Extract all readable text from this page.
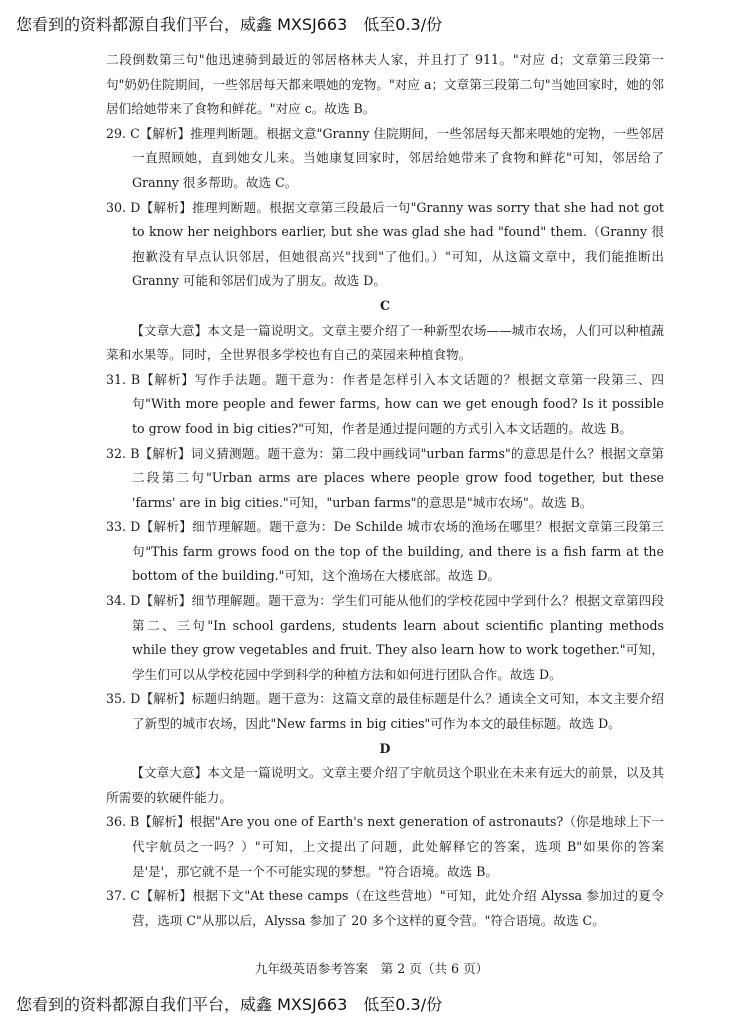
您看到的资料都源自我们平台，威鑫 MXSJ663　低至0.3/份

二段倒数第三句"他迅速骑到最近的邻居格林夫人家，并且打了 911。"对应 d；文章第三段第一句"奶奶住院期间，一些邻居每天都来喂她的宠物。"对应 a；文章第三段第二句"当她回家时，她的邻居们给她带来了食物和鲜花。"对应 c。故选 B。

29. C【解析】推理判断题。根据文意"Granny 住院期间，一些邻居每天都来喂她的宠物，一些邻居一直照顾她，直到她女儿来。当她康复回家时，邻居给她带来了食物和鲜花"可知，邻居给了 Granny 很多帮助。故选 C。

30. D【解析】推理判断题。根据文章第三段最后一句"Granny was sorry that she had not got to know her neighbors earlier, but she was glad she had "found" them.（Granny 很抱歉没有早点认识邻居，但她很高兴"找到"了他们。）"可知，从这篇文章中，我们能推断出 Granny 可能和邻居们成为了朋友。故选 D。

C

【文章大意】本文是一篇说明文。文章主要介绍了一种新型农场——城市农场，人们可以种植蔬菜和水果等。同时，全世界很多学校也有自己的菜园来种植食物。

31. B【解析】写作手法题。题干意为：作者是怎样引入本文话题的？根据文章第一段第三、四句"With more people and fewer farms, how can we get enough food? Is it possible to grow food in big cities?"可知，作者是通过提问题的方式引入本文话题的。故选 B。

32. B【解析】词义猜测题。题干意为：第二段中画线词"urban farms"的意思是什么？根据文章第二段第二句"Urban arms are places where people grow food together, but these 'farms' are in big cities."可知，"urban farms"的意思是"城市农场"。故选 B。

33. D【解析】细节理解题。题干意为：De Schilde 城市农场的渔场在哪里？根据文章第三段第三句"This farm grows food on the top of the building, and there is a fish farm at the bottom of the building."可知，这个渔场在大楼底部。故选 D。

34. D【解析】细节理解题。题干意为：学生们可能从他们的学校花园中学到什么？根据文章第四段第二、三句"In school gardens, students learn about scientific planting methods while they grow vegetables and fruit. They also learn how to work together."可知，学生们可以从学校花园中学到科学的种植方法和如何进行团队合作。故选 D。

35. D【解析】标题归纳题。题干意为：这篇文章的最佳标题是什么？通读全文可知，本文主要介绍了新型的城市农场，因此"New farms in big cities"可作为本文的最佳标题。故选 D。

D

【文章大意】本文是一篇说明文。文章主要介绍了宇航员这个职业在未来有远大的前景，以及其所需要的软硬件能力。

36. B【解析】根据"Are you one of Earth's next generation of astronauts?（你是地球上下一代宇航员之一吗？）"可知，上文提出了问题，此处解释它的答案，选项 B"如果你的答案是'是'，那它就不是一个不可能实现的梦想。"符合语境。故选 B。

37. C【解析】根据下文"At these camps（在这些营地）"可知，此处介绍 Alyssa 参加过的夏令营，选项 C"从那以后，Alyssa 参加了 20 多个这样的夏令营。"符合语境。故选 C。

九年级英语参考答案　第 2 页（共 6 页）
您看到的资料都源自我们平台，威鑫 MXSJ663　低至0.3/份
